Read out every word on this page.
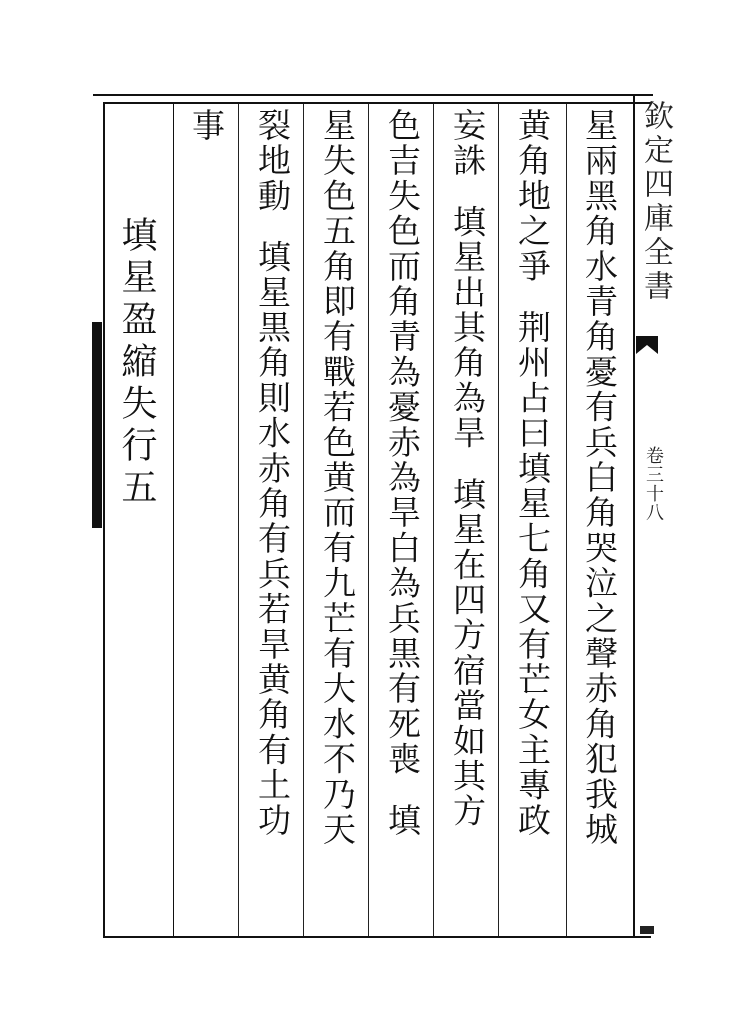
欽定四庫全書
卷三十八
星兩黑角水青角憂有兵白角哭泣之聲赤角犯我城
黄角地之爭荆州占曰填星七角又有芒女主專政
妄誅填星出其角為旱填星在四方宿當如其方
色吉失色而角青為憂赤為旱白為兵黒有死喪填
星失色五角即有戰若色黄而有九芒有大水不乃天
裂地動填星黒角則水赤角有兵若旱黄角有土功
事
填星盈縮失行五
